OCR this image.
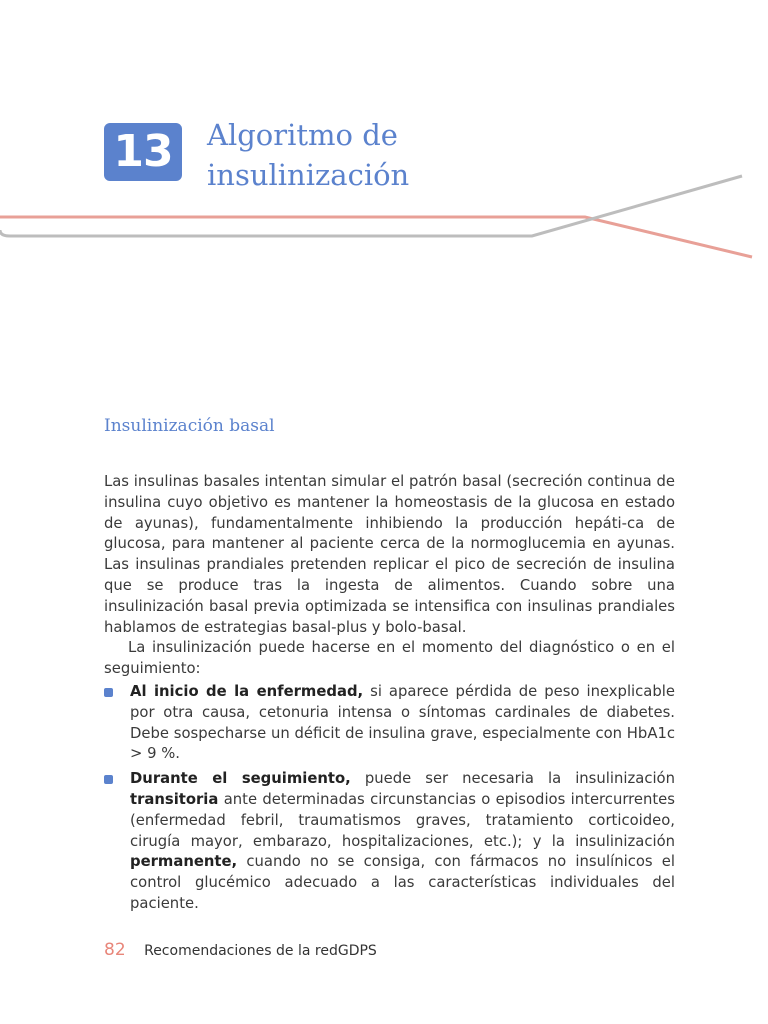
13	Algoritmo de
insulinización
Insulinización basal

Las insulinas basales intentan simular el patrón basal (secreción continua de insulina cuyo objetivo es mantener la homeostasis de la glucosa en estado de ayunas), fundamentalmente inhibiendo la producción hepáti-ca de glucosa, para mantener al paciente cerca de la normoglucemia en ayunas. Las insulinas prandiales pretenden replicar el pico de secreción de insulina que se produce tras la ingesta de alimentos. Cuando sobre una insulinización basal previa optimizada se intensifica con insulinas prandiales hablamos de estrategias basal-plus y bolo-basal.

La insulinización puede hacerse en el momento del diagnóstico o en el seguimiento:

Al inicio de la enfermedad, si aparece pérdida de peso inexplicable por otra causa, cetonuria intensa o síntomas cardinales de diabetes. Debe sospecharse un déficit de insulina grave, especialmente con HbA1c > 9 %.
Durante el seguimiento, puede ser necesaria la insulinización transitoria ante determinadas circunstancias o episodios intercurrentes (enfermedad febril, traumatismos graves, tratamiento corticoideo, cirugía mayor, embarazo, hospitalizaciones, etc.); y la insulinización permanente, cuando no se consiga, con fármacos no insulínicos el control glucémico adecuado a las características individuales del paciente.
82 Recomendaciones de la redGDPS
